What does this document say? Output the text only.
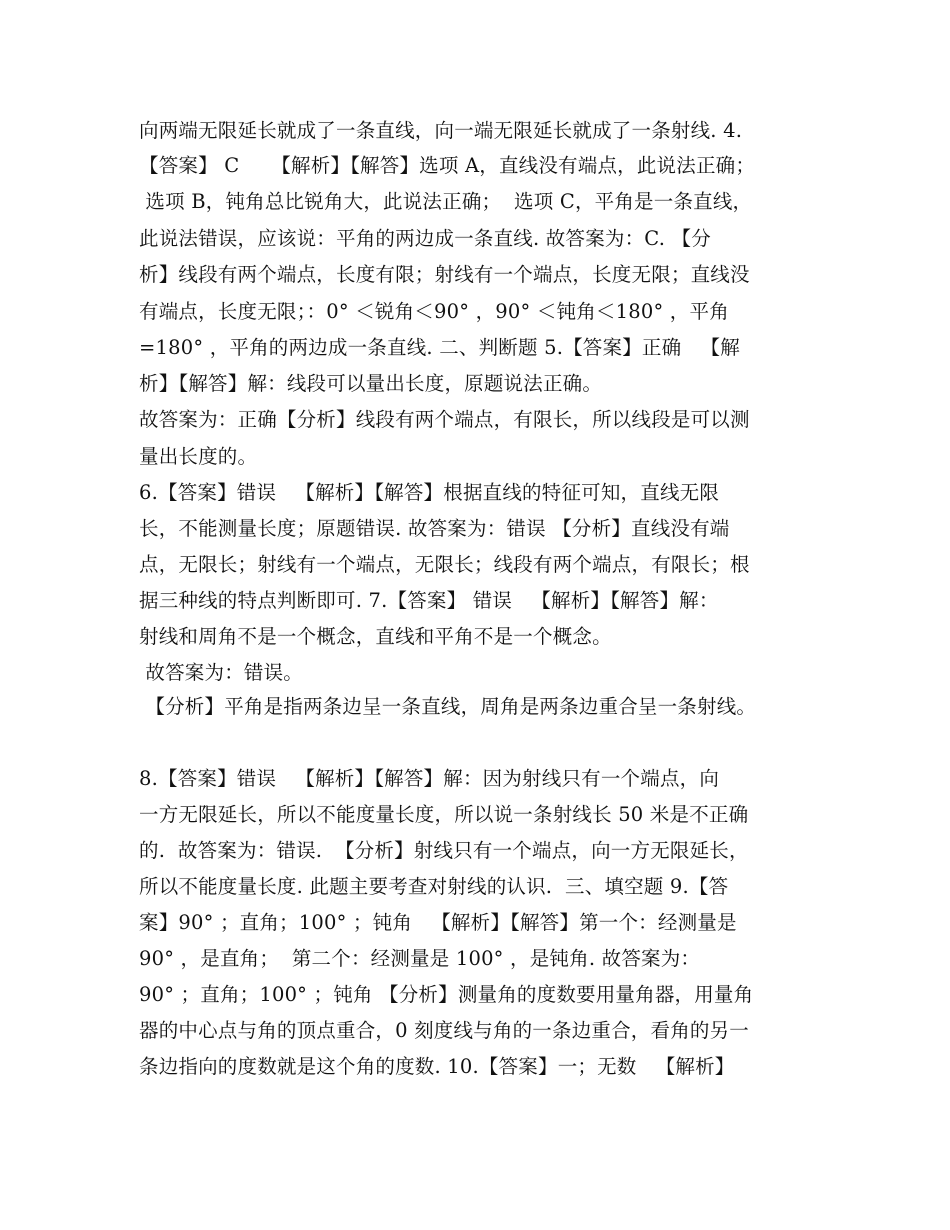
向两端无限延长就成了一条直线，向一端无限延长就成了一条射线. 4.
【答案】 C     【解析】【解答】选项 A，直线没有端点，此说法正确；
选项 B，钝角总比锐角大，此说法正确；  选项 C，平角是一条直线，
此说法错误，应该说：平角的两边成一条直线. 故答案为：C. 【分
析】线段有两个端点，长度有限；射线有一个端点，长度无限；直线没
有端点，长度无限；：0° ＜锐角＜90° ，90° ＜钝角＜180° ，平角
=180° ，平角的两边成一条直线. 二、判断题 5.【答案】正确   【解
析】【解答】解：线段可以量出长度，原题说法正确。
故答案为：正确【分析】线段有两个端点，有限长，所以线段是可以测
量出长度的。
6.【答案】错误   【解析】【解答】根据直线的特征可知，直线无限
长，不能测量长度；原题错误. 故答案为：错误 【分析】直线没有端
点，无限长；射线有一个端点，无限长；线段有两个端点，有限长；根
据三种线的特点判断即可. 7.【答案】 错误   【解析】【解答】解：
射线和周角不是一个概念，直线和平角不是一个概念。
故答案为：错误。
【分析】平角是指两条边呈一条直线，周角是两条边重合呈一条射线。
8.【答案】错误   【解析】【解答】解：因为射线只有一个端点，向
一方无限延长，所以不能度量长度，所以说一条射线长 50 米是不正确
的.  故答案为：错误.  【分析】射线只有一个端点，向一方无限延长，
所以不能度量长度. 此题主要考查对射线的认识.  三、填空题 9.【答
案】90° ；直角；100° ；钝角   【解析】【解答】第一个：经测量是
90° ，是直角；  第二个：经测量是 100° ，是钝角. 故答案为：
90° ；直角；100° ；钝角 【分析】测量角的度数要用量角器，用量角
器的中心点与角的顶点重合，0 刻度线与角的一条边重合，看角的另一
条边指向的度数就是这个角的度数. 10.【答案】一；无数   【解析】
